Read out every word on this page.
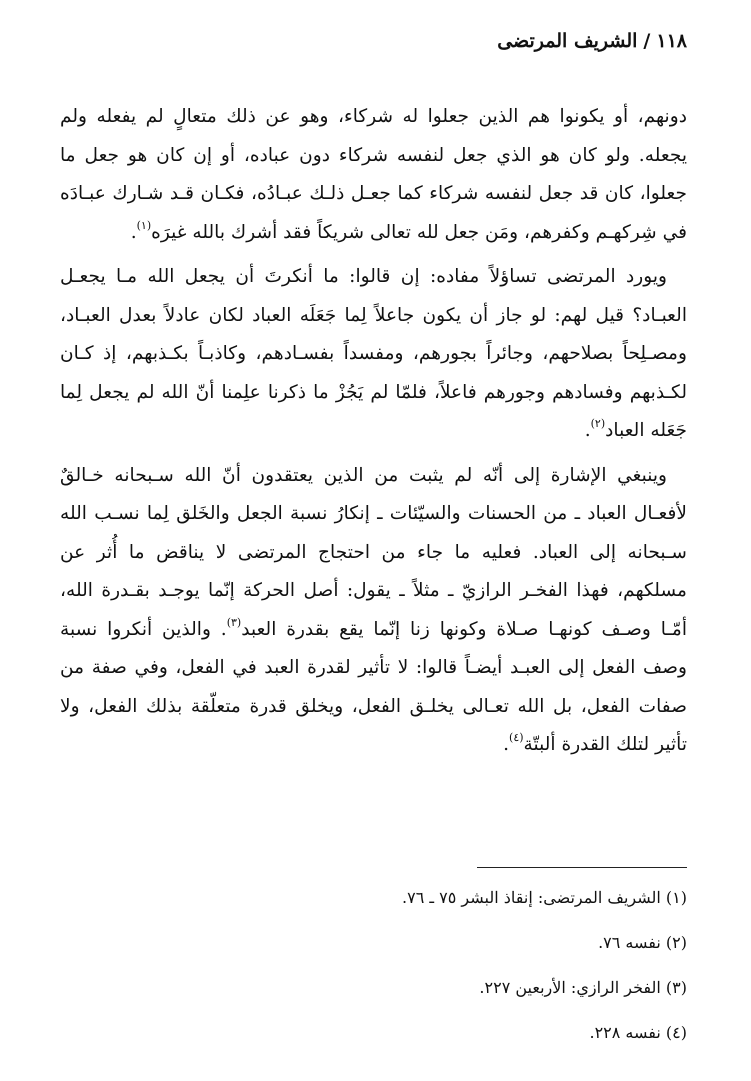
١١٨/الشريف المرتضى

دونهم، أو يكونوا هم الذين جعلوا له شركاء، وهو عن ذلك متعالٍ لم يفعله ولم يجعله. ولو كان هو الذي جعل لنفسه شركاء دون عباده، أو إن كان هو جعل ما جعلوا، كان قد جعل لنفسه شركاء كما جعـل ذلـك عبـادُه، فكـان قـد شـارك عبـادَه في شِركهـم وكفرهم، ومَن جعل لله تعالى شريكاً فقد أشرك بالله غيرَه$^{(١)}$.

ويورد المرتضى تساؤلاً مفاده: إن قالوا: ما أنكرتَ أن يجعل الله مـا يجعـل العبـاد؟ قيل لهم: لو جاز أن يكون جاعلاً لِما جَعَلَه العباد لكان عادلاً بعدل العبـاد، ومصـلِحاً بصلاحهم، وجائراً بجورهم، ومفسداً بفسـادهم، وكاذبـاً بكـذبهم، إذ كـان لكـذبهم وفسادهم وجورهم فاعلاً، فلمّا لم يَجُزْ ما ذكرنا علِمنا أنّ الله لم يجعل لِما جَعَله العباد$^{(٢)}$.

وينبغي الإشارة إلى أنّه لم يثبت من الذين يعتقدون أنّ الله سـبحانه خـالقٌ لأفعـال العباد ـ من الحسنات والسيّئات ـ إنكارُ نسبة الجعل والخَلق لِما نسـب الله سـبحانه إلى العباد. فعليه ما جاء من احتجاج المرتضى لا يناقض ما أُثر عن مسلكهم، فهذا الفخـر الرازيّ ـ مثلاً ـ يقول: أصل الحركة إنّما يوجـد بقـدرة الله، أمّـا وصـف كونهـا صـلاة وكونها زنا إنّما يقع بقدرة العبد$^{(٣)}$. والذين أنكروا نسبة وصف الفعل إلى العبـد أيضـاً قالوا: لا تأثير لقدرة العبد في الفعل، وفي صفة من صفات الفعل، بل الله تعـالى يخلـق الفعل، ويخلق قدرة متعلّقة بذلك الفعل، ولا تأثير لتلك القدرة ألبتّة$^{(٤)}$.

(١) الشريف المرتضى: إنقاذ البشر ٧٥ ـ ٧٦.

(٢) نفسه ٧٦.

(٣) الفخر الرازي: الأربعين ٢٢٧.

(٤) نفسه ٢٢٨.
